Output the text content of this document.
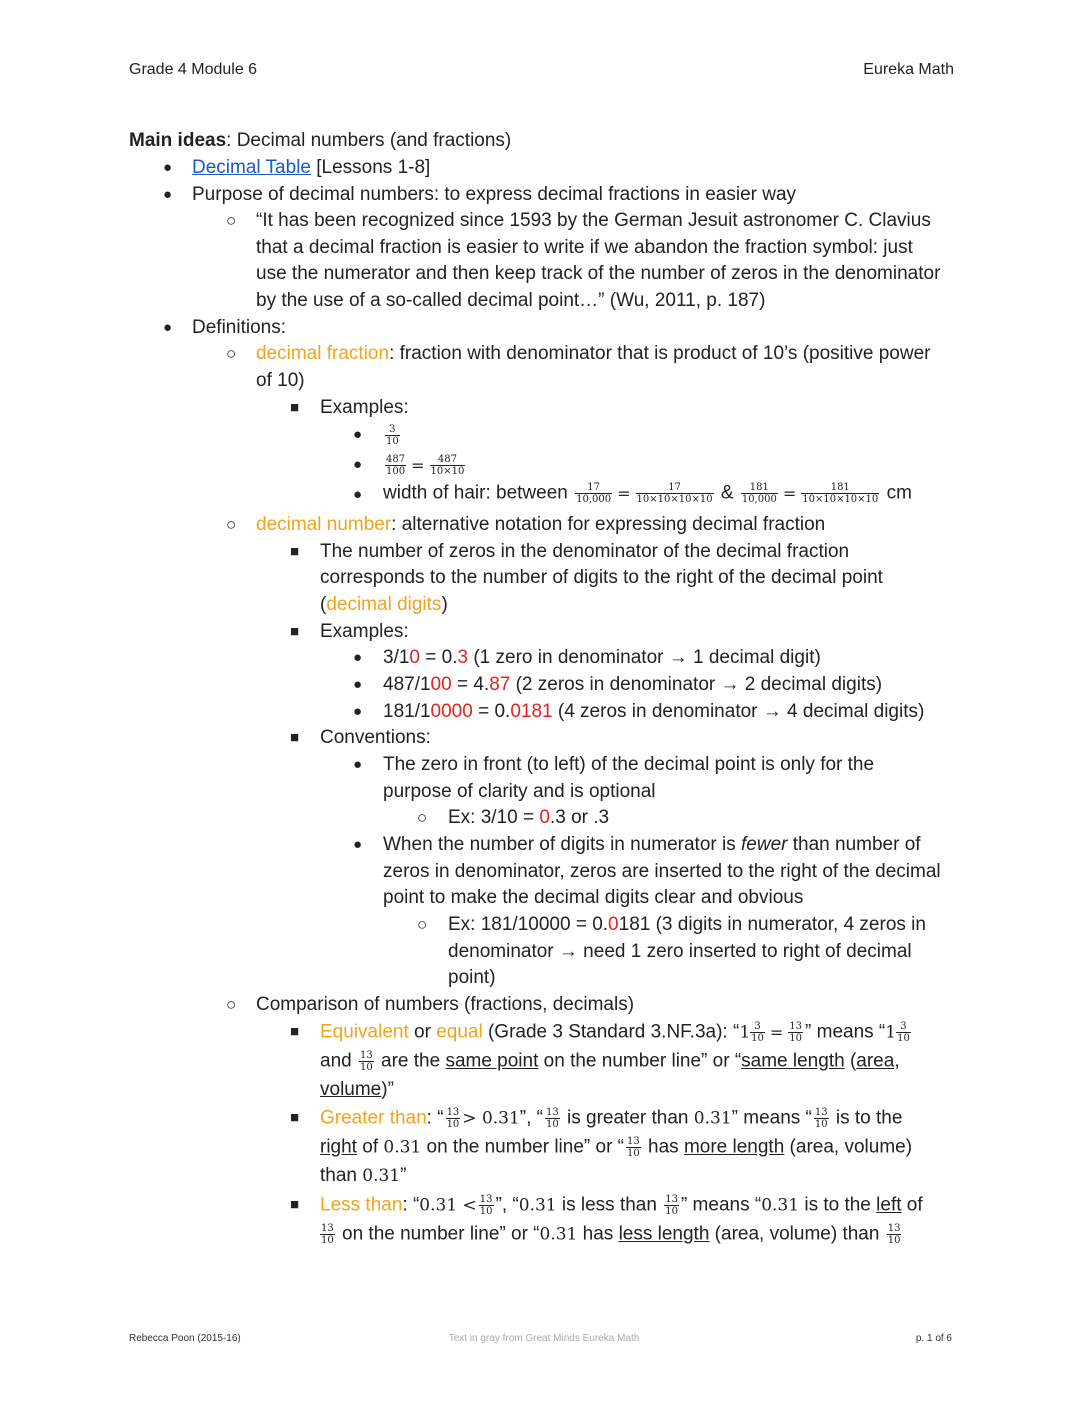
Grade 4 Module 6	Eureka Math
Main ideas: Decimal numbers (and fractions)
● Decimal Table [Lessons 1-8]
● Purpose of decimal numbers: to express decimal fractions in easier way
○ “It has been recognized since 1593 by the German Jesuit astronomer C. Clavius
that a decimal fraction is easier to write if we abandon the fraction symbol: just
use the numerator and then keep track of the number of zeros in the denominator
by the use of a so-called decimal point…” (Wu, 2011, p. 187)
● Definitions:
○ decimal fraction: fraction with denominator that is product of 10’s (positive power
of 10)
■ Examples:
● $\frac{3}{10}$
● $\frac{487}{100} = \frac{487}{10\times 10}$
● width of hair: between $\frac{17}{10,000} = \frac{17}{10\times 10\times 10\times 10}$ & $\frac{181}{10,000} = \frac{181}{10\times 10\times 10\times 10}$ cm
○ decimal number: alternative notation for expressing decimal fraction
■ The number of zeros in the denominator of the decimal fraction
corresponds to the number of digits to the right of the decimal point
(decimal digits)
■ Examples:
● 3/10 = 0.3 (1 zero in denominator → 1 decimal digit)
● 487/100 = 4.87 (2 zeros in denominator → 2 decimal digits)
● 181/10000 = 0.0181 (4 zeros in denominator → 4 decimal digits)
■ Conventions:
● The zero in front (to left) of the decimal point is only for the
purpose of clarity and is optional
○ Ex: 3/10 = 0.3 or .3
● When the number of digits in numerator is fewer than number of
zeros in denominator, zeros are inserted to the right of the decimal
point to make the decimal digits clear and obvious
○ Ex: 181/10000 = 0.0181 (3 digits in numerator, 4 zeros in
denominator → need 1 zero inserted to right of decimal
point)
○ Comparison of numbers (fractions, decimals)
■ Equivalent or equal (Grade 3 Standard 3.NF.3a): “$1 \frac{3}{10} = \frac{13}{10}$ ” means “$1 \frac{3}{10}$
and $\frac{13}{10}$ are the same point on the number line” or “same length (area,
volume)”
■ Greater than: “ $\frac{13}{10} > 0.31$”, “ $\frac{13}{10}$ is greater than 0.31” means “ $\frac{13}{10}$ is to the
right of 0.31 on the number line” or “ $\frac{13}{10}$ has more length (area, volume)
than 0.31”
■ Less than: “$0.31 < \frac{13}{10}$ ”, “0.31 is less than $\frac{13}{10}$ ” means “0.31 is to the left of
$\frac{13}{10}$ on the number line” or “0.31 has less length (area, volume) than $\frac{13}{10}$
Rebecca Poon (2015-16)	Text in gray from Great Minds Eureka Math	p. 1 of 6
